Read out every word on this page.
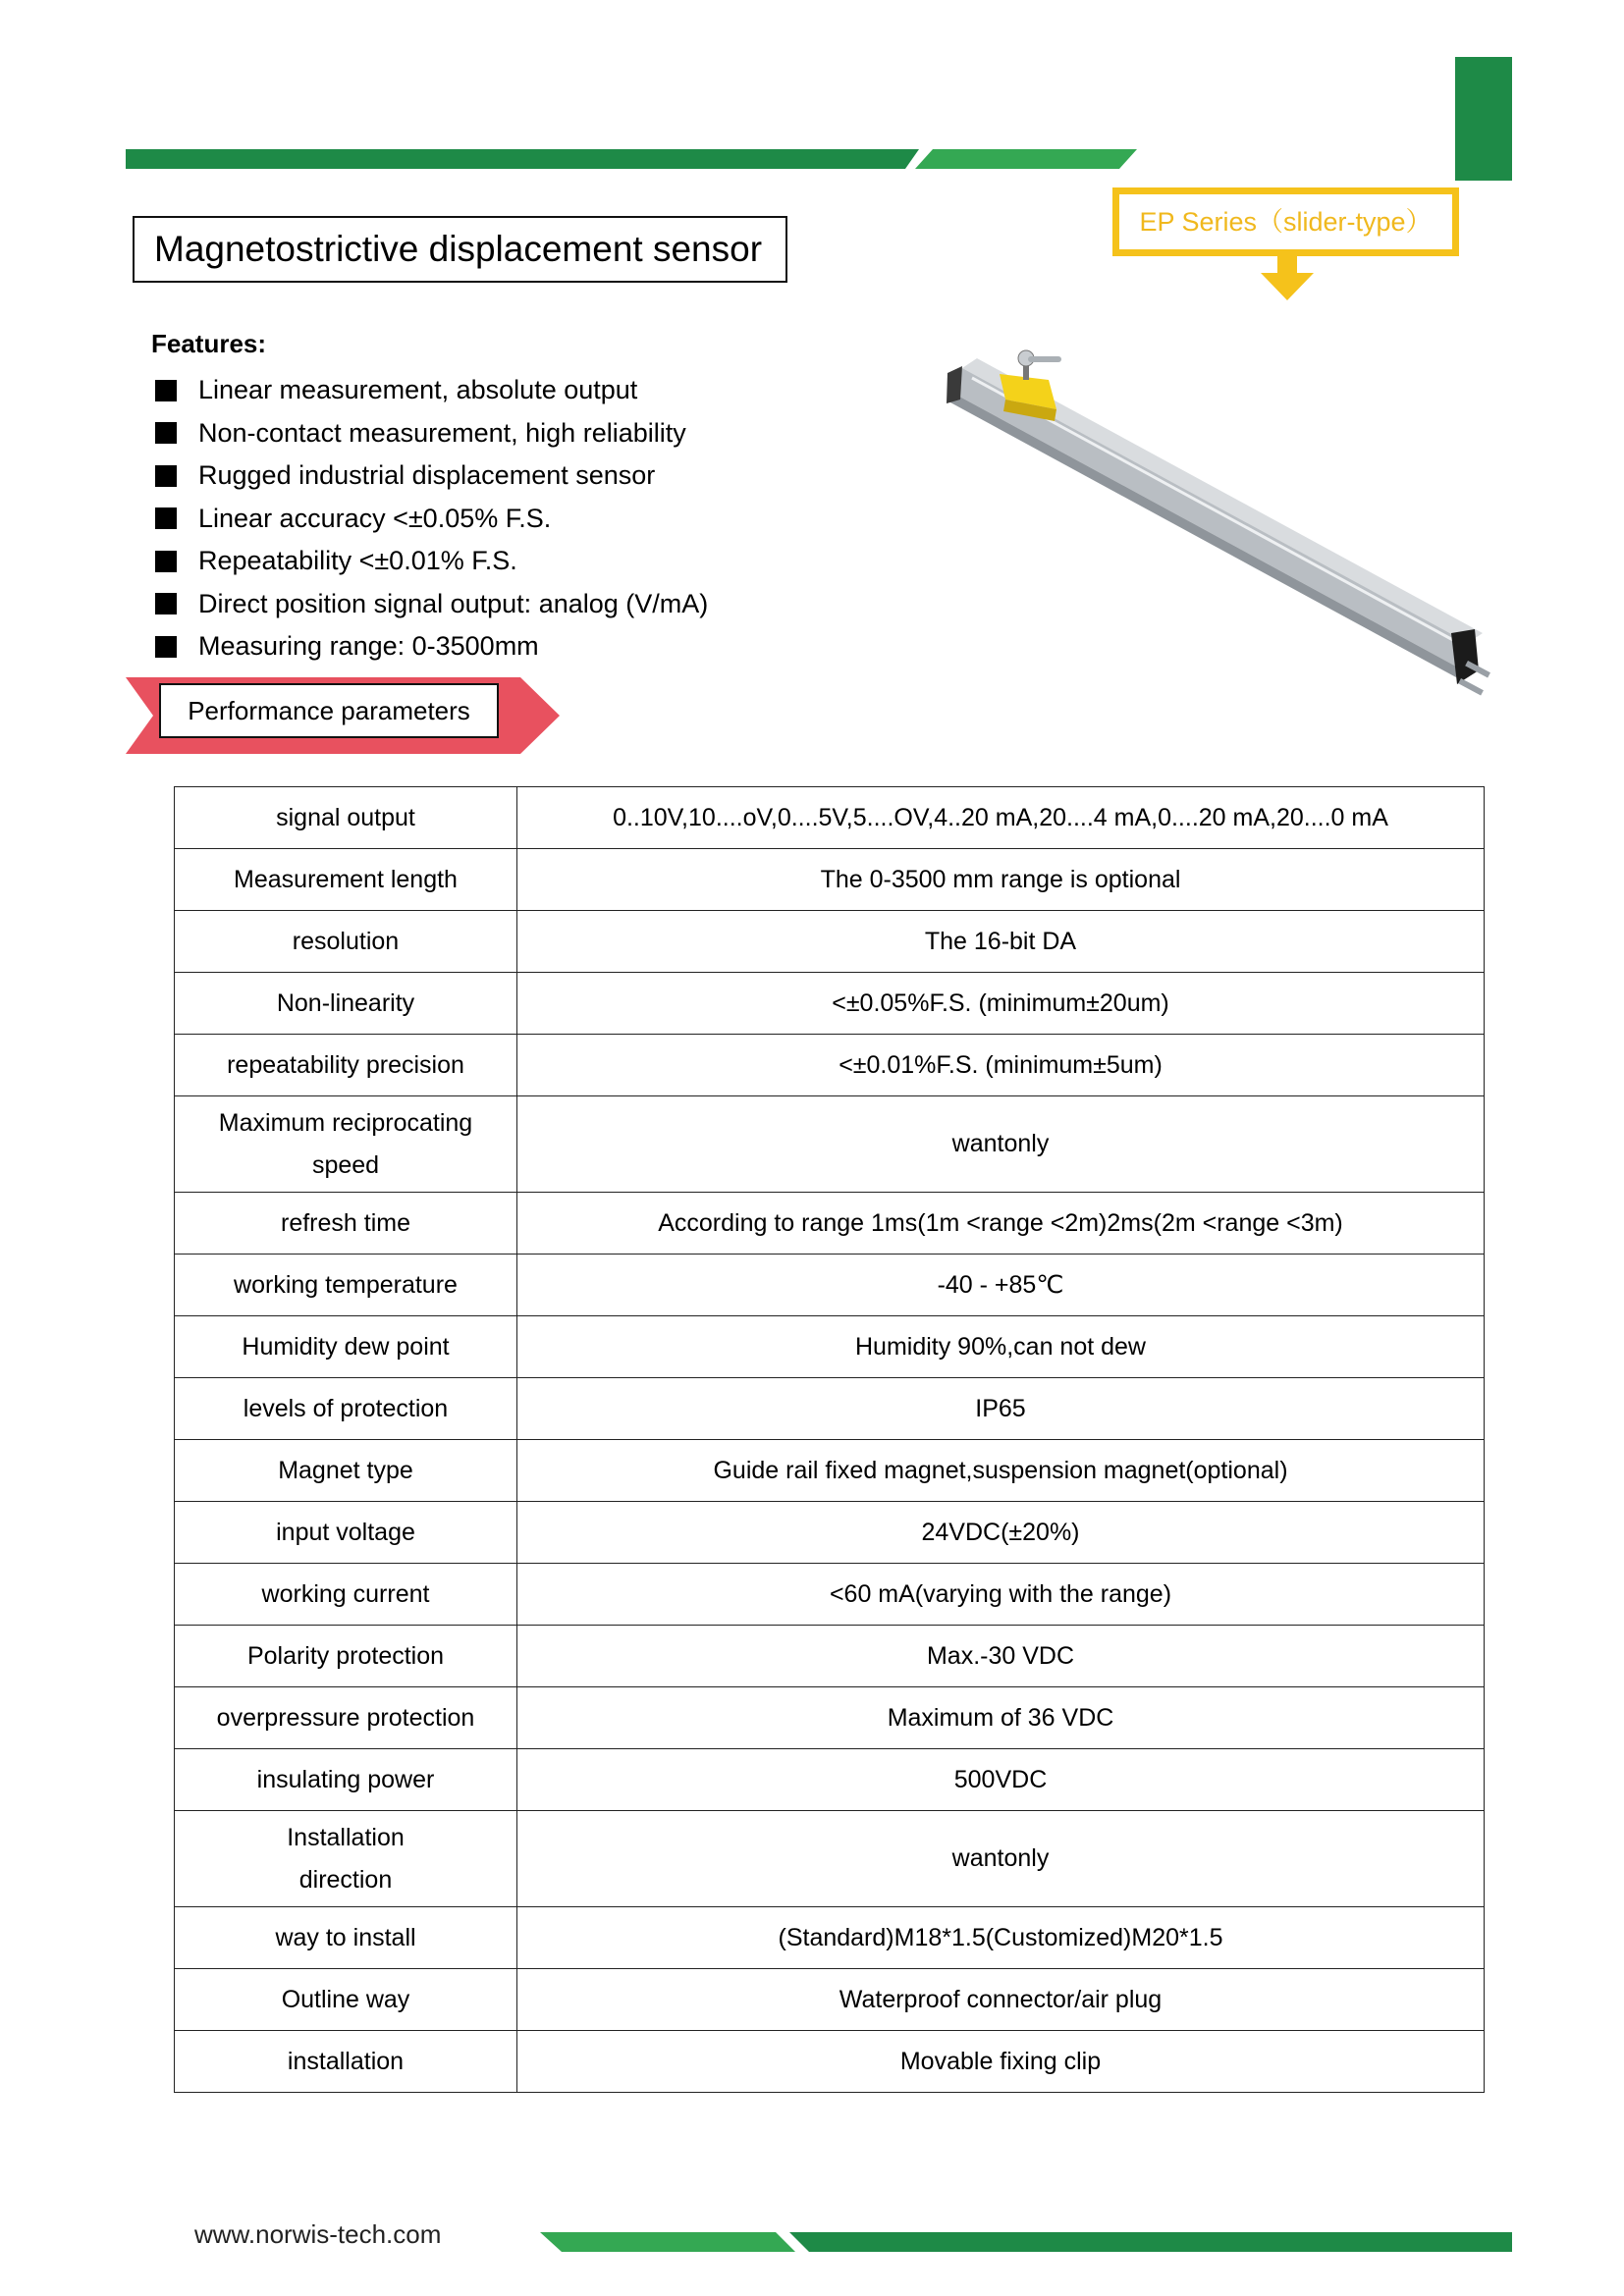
Magnetostrictive displacement sensor
EP Series（slider-type）
Features:
Linear measurement, absolute output
Non-contact measurement, high reliability
Rugged industrial displacement sensor
Linear accuracy <±0.05% F.S.
Repeatability <±0.01% F.S.
Direct position signal output: analog (V/mA)
Measuring range: 0-3500mm
Performance parameters
signal output	0..10V,10....oV,0....5V,5....OV,4..20 mA,20....4 mA,0....20 mA,20....0 mA
Measurement length	The 0-3500 mm range is optional
resolution	The 16-bit DA
Non-linearity	<±0.05%F.S. (minimum±20um)
repeatability precision	<±0.01%F.S. (minimum±5um)
Maximum reciprocating speed	wantonly
refresh time	According to range 1ms(1m <range <2m)2ms(2m <range <3m)
working temperature	-40 - +85℃
Humidity dew point	Humidity 90%,can not dew
levels of protection	IP65
Magnet type	Guide rail fixed magnet,suspension magnet(optional)
input voltage	24VDC(±20%)
working current	<60 mA(varying with the range)
Polarity protection	Max.-30 VDC
overpressure protection	Maximum of 36 VDC
insulating power	500VDC
Installation direction	wantonly
way to install	(Standard)M18*1.5(Customized)M20*1.5
Outline way	Waterproof connector/air plug
installation	Movable fixing clip
www.norwis-tech.com
